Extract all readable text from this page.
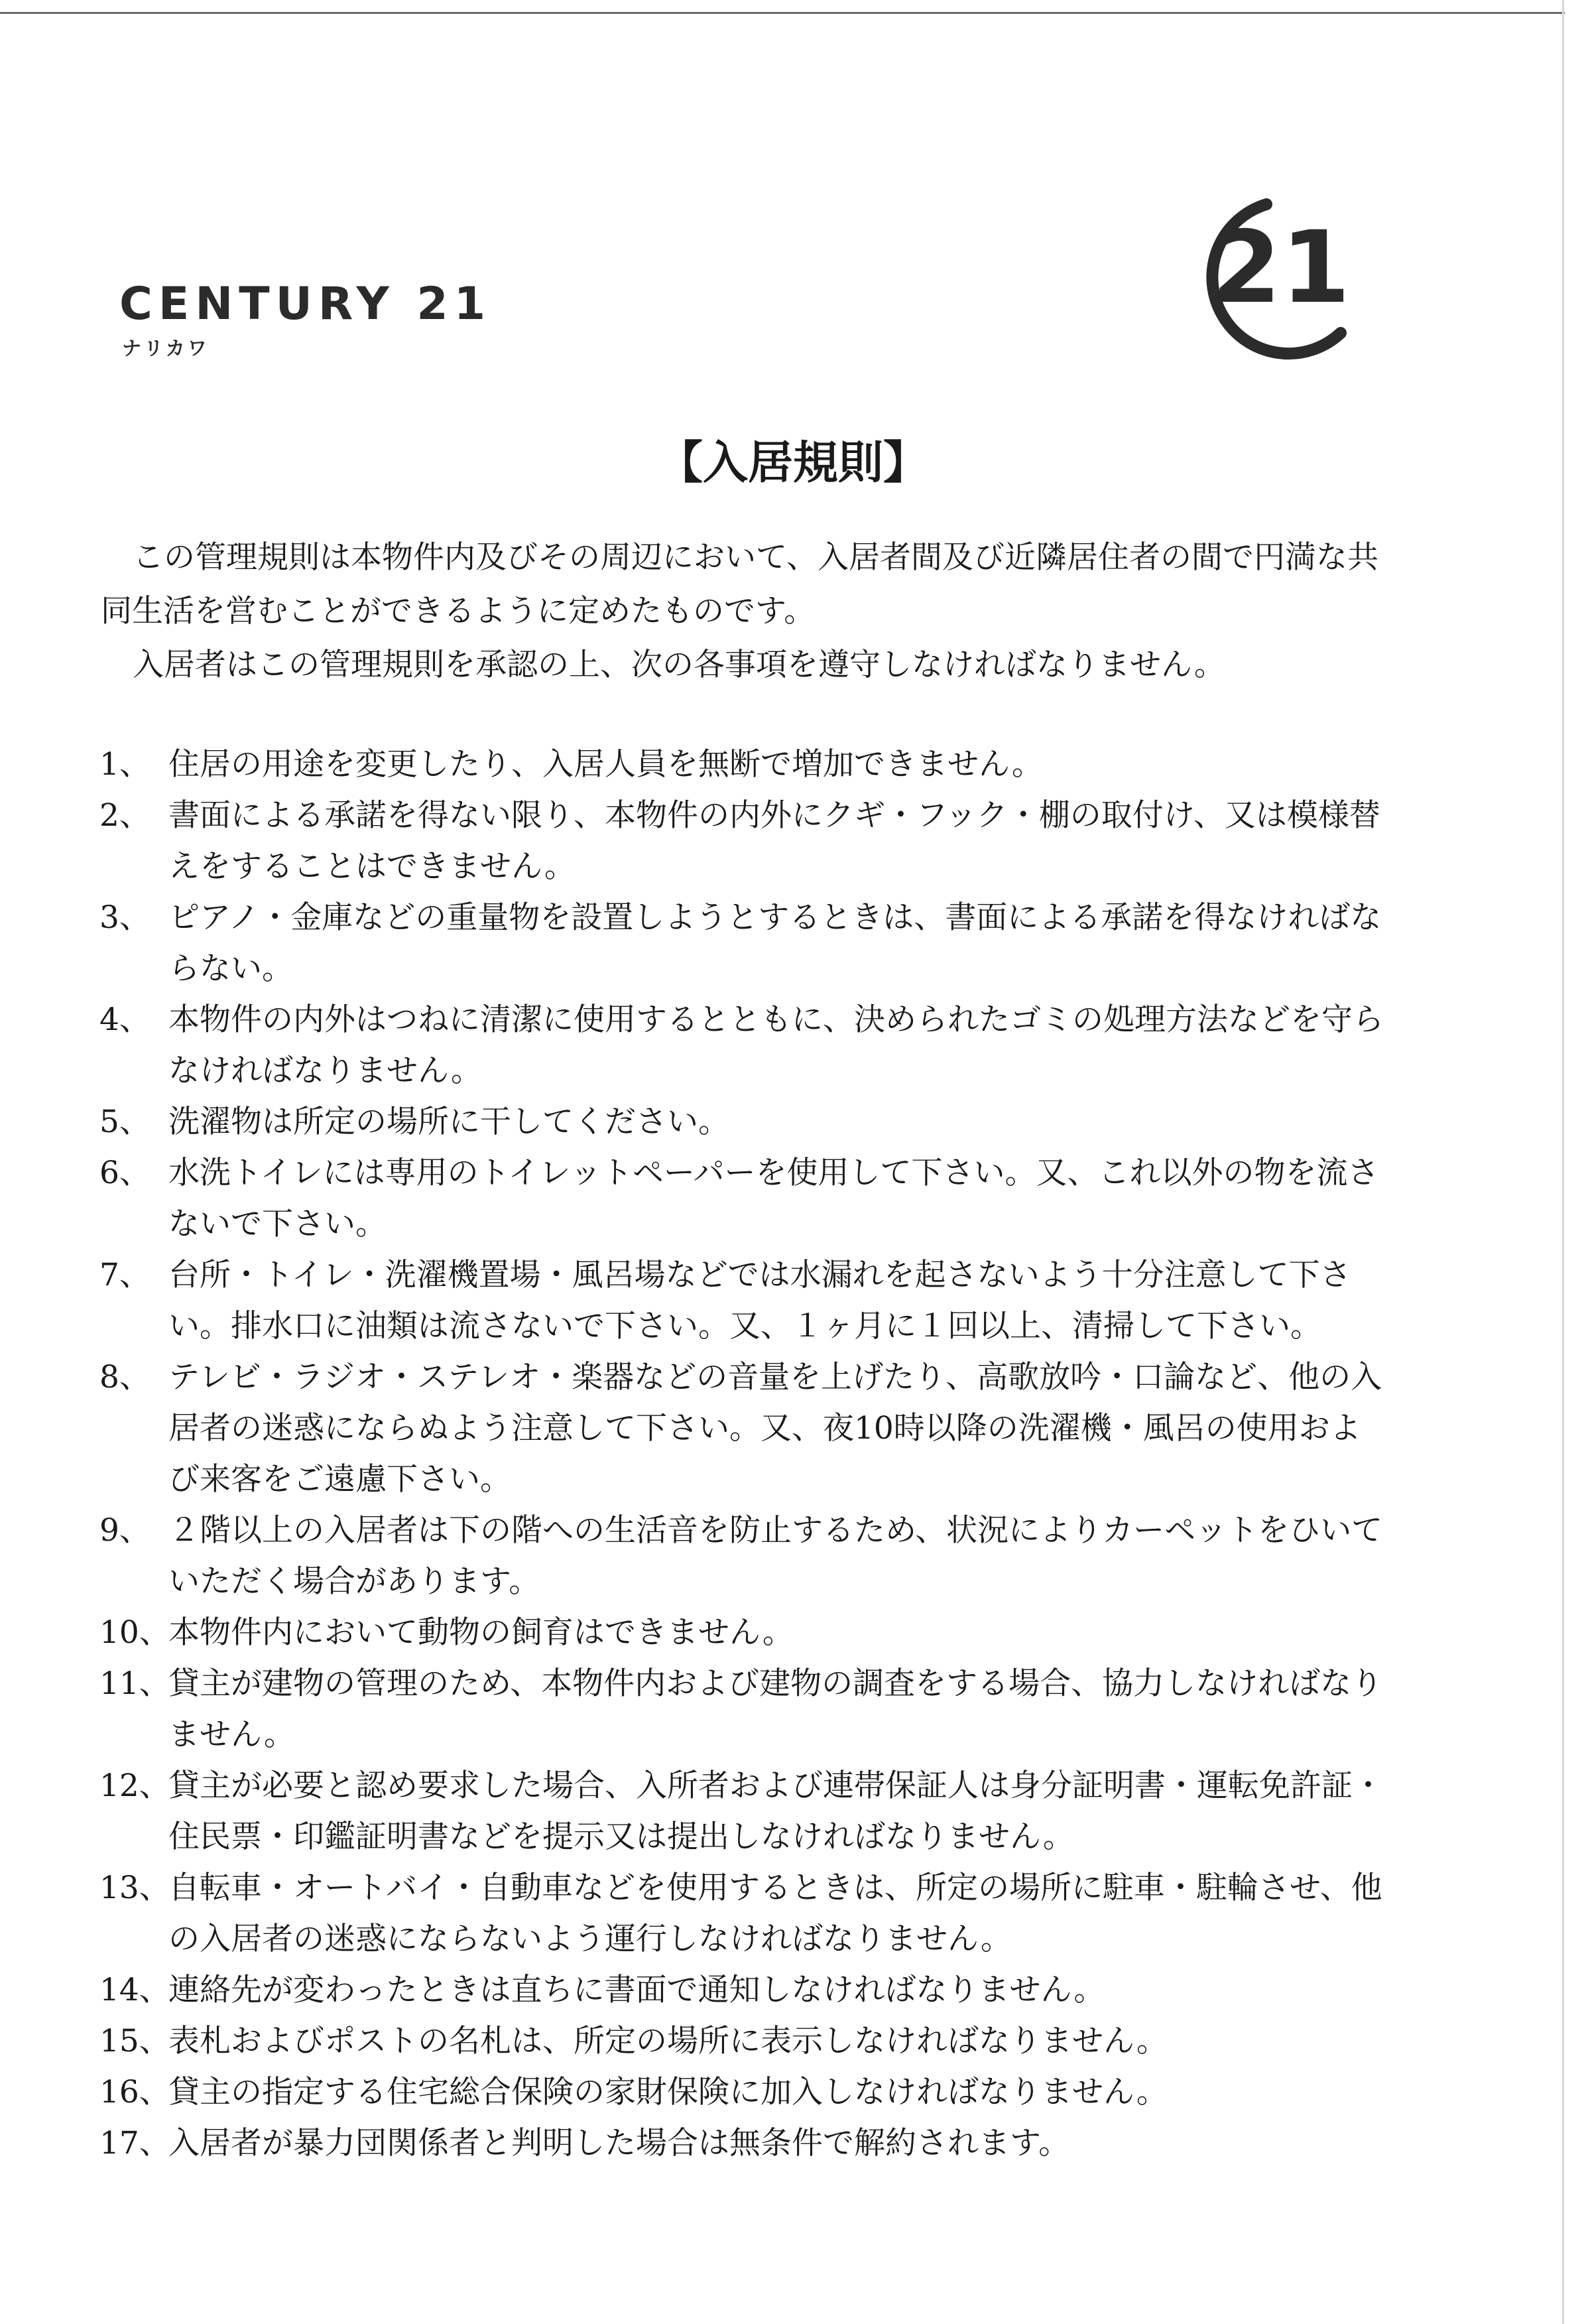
CENTURY 21
ナリカワ
21
【入居規則】

この管理規則は本物件内及びその周辺において、入居者間及び近隣居住者の間で円満な共同生活を営むことができるように定めたものです。

入居者はこの管理規則を承認の上、次の各事項を遵守しなければなりません。

1、 住居の用途を変更したり、入居人員を無断で増加できません。
2、 書面による承諾を得ない限り、本物件の内外にクギ・フック・棚の取付け、又は模様替えをすることはできません。
3、 ピアノ・金庫などの重量物を設置しようとするときは、書面による承諾を得なければならない。
4、 本物件の内外はつねに清潔に使用するとともに、決められたゴミの処理方法などを守らなければなりません。
5、 洗濯物は所定の場所に干してください。
6、 水洗トイレには専用のトイレットペーパーを使用して下さい。又、これ以外の物を流さないで下さい。
7、 台所・トイレ・洗濯機置場・風呂場などでは水漏れを起さないよう十分注意して下さい。排水口に油類は流さないで下さい。又、１ヶ月に１回以上、清掃して下さい。
8、 テレビ・ラジオ・ステレオ・楽器などの音量を上げたり、高歌放吟・口論など、他の入居者の迷惑にならぬよう注意して下さい。又、夜10時以降の洗濯機・風呂の使用および来客をご遠慮下さい。
9、 ２階以上の入居者は下の階への生活音を防止するため、状況によりカーペットをひいていただく場合があります。
10、
本物件内において動物の飼育はできません。
11、
貸主が建物の管理のため、本物件内および建物の調査をする場合、協力しなければなりません。
12、
貸主が必要と認め要求した場合、入所者および連帯保証人は身分証明書・運転免許証・住民票・印鑑証明書などを提示又は提出しなければなりません。
13、
自転車・オートバイ・自動車などを使用するときは、所定の場所に駐車・駐輪させ、他の入居者の迷惑にならないよう運行しなければなりません。
14、
連絡先が変わったときは直ちに書面で通知しなければなりません。
15、
表札およびポストの名札は、所定の場所に表示しなければなりません。
16、
貸主の指定する住宅総合保険の家財保険に加入しなければなりません。
17、
入居者が暴力団関係者と判明した場合は無条件で解約されます。
